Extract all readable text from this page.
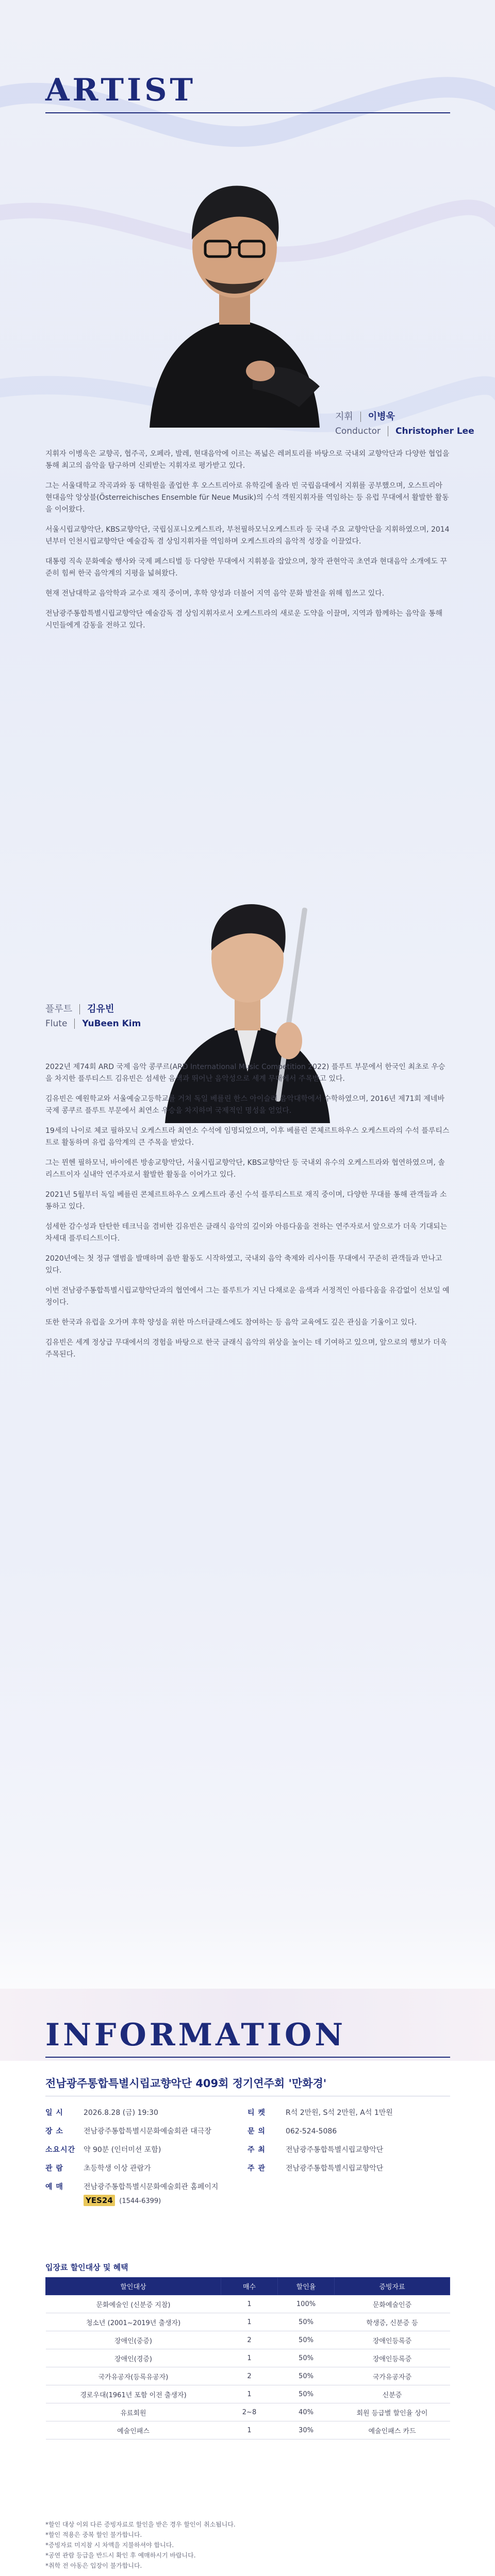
ARTIST
지휘 이병욱
Conductor Christopher Lee

지휘자 이병욱은 교향곡, 협주곡, 오페라, 발레, 현대음악에 이르는 폭넓은 레퍼토리를 바탕으로 국내외 교향악단과 다양한 협업을 통해 최고의 음악을 탐구하며 신뢰받는 지휘자로 평가받고 있다.

그는 서울대학교 작곡과와 동 대학원을 졸업한 후 오스트리아로 유학길에 올라 빈 국립음대에서 지휘를 공부했으며, 오스트리아 현대음악 앙상블(Österreichisches Ensemble für Neue Musik)의 수석 객원지휘자를 역임하는 등 유럽 무대에서 활발한 활동을 이어왔다.

서울시립교향악단, KBS교향악단, 국립심포니오케스트라, 부천필하모닉오케스트라 등 국내 주요 교향악단을 지휘하였으며, 2014년부터 인천시립교향악단 예술감독 겸 상임지휘자를 역임하며 오케스트라의 음악적 성장을 이끌었다.

대통령 직속 문화예술 행사와 국제 페스티벌 등 다양한 무대에서 지휘봉을 잡았으며, 창작 관현악곡 초연과 현대음악 소개에도 꾸준히 힘써 한국 음악계의 지평을 넓혀왔다.

현재 전남대학교 음악학과 교수로 재직 중이며, 후학 양성과 더불어 지역 음악 문화 발전을 위해 힘쓰고 있다.

전남광주통합특별시립교향악단 예술감독 겸 상임지휘자로서 오케스트라의 새로운 도약을 이끌며, 지역과 함께하는 음악을 통해 시민들에게 감동을 전하고 있다.

플루트 김유빈
Flute YuBeen Kim

2022년 제74회 ARD 국제 음악 콩쿠르(ARD International Music Competition 2022) 플루트 부문에서 한국인 최초로 우승을 차지한 플루티스트 김유빈은 섬세한 음색과 뛰어난 음악성으로 세계 무대에서 주목받고 있다.

김유빈은 예원학교와 서울예술고등학교를 거쳐 독일 베를린 한스 아이슬러 음악대학에서 수학하였으며, 2016년 제71회 제네바 국제 콩쿠르 플루트 부문에서 최연소 우승을 차지하며 국제적인 명성을 얻었다.

19세의 나이로 체코 필하모닉 오케스트라 최연소 수석에 임명되었으며, 이후 베를린 콘체르트하우스 오케스트라의 수석 플루티스트로 활동하며 유럽 음악계의 큰 주목을 받았다.

그는 뮌헨 필하모닉, 바이에른 방송교향악단, 서울시립교향악단, KBS교향악단 등 국내외 유수의 오케스트라와 협연하였으며, 솔리스트이자 실내악 연주자로서 활발한 활동을 이어가고 있다.

2021년 5월부터 독일 베를린 콘체르트하우스 오케스트라 종신 수석 플루티스트로 재직 중이며, 다양한 무대를 통해 관객들과 소통하고 있다.

섬세한 감수성과 탄탄한 테크닉을 겸비한 김유빈은 클래식 음악의 깊이와 아름다움을 전하는 연주자로서 앞으로가 더욱 기대되는 차세대 플루티스트이다.

2020년에는 첫 정규 앨범을 발매하며 음반 활동도 시작하였고, 국내외 음악 축제와 리사이틀 무대에서 꾸준히 관객들과 만나고 있다.

이번 전남광주통합특별시립교향악단과의 협연에서 그는 플루트가 지닌 다채로운 음색과 서정적인 아름다움을 유감없이 선보일 예정이다.

또한 한국과 유럽을 오가며 후학 양성을 위한 마스터클래스에도 참여하는 등 음악 교육에도 깊은 관심을 기울이고 있다.

김유빈은 세계 정상급 무대에서의 경험을 바탕으로 한국 클래식 음악의 위상을 높이는 데 기여하고 있으며, 앞으로의 행보가 더욱 주목된다.

INFORMATION
전남광주통합특별시립교향악단 409회 정기연주회 '만화경'
일 시	2026.8.28 (금) 19:30	티 켓	R석 2만원, S석 2만원, A석 1만원
장 소	전남광주통합특별시문화예술회관 대극장	문 의	062-524-5086
소요시간	약 90분 (인터미션 포함)	주 최	전남광주통합특별시립교향악단
관 람	초등학생 이상 관람가	주 관	전남광주통합특별시립교향악단
예 매	전남광주통합특별시문화예술회관 홈페이지
YES24 (1544-6399)
입장료 할인대상 및 혜택
할인대상	매수	할인율	증빙자료
문화예술인 (신분증 지참)	1	100%	문화예술인증
청소년 (2001~2019년 출생자)	1	50%	학생증, 신분증 등
장애인(중증)	2	50%	장애인등록증
장애인(경증)	1	50%	장애인등록증
국가유공자(등록유공자)	2	50%	국가유공자증
경로우대(1961년 포함 이전 출생자)	1	50%	신분증
유료회원	2~8	40%	회원 등급별 할인율 상이
예술인패스	1	30%	예술인패스 카드
*할인 대상 이외 다른 증빙자료로 할인을 받은 경우 할인이 취소됩니다.
*할인 적용은 중복 할인 불가합니다.
*증빙자료 미지참 시 차액을 지불하셔야 합니다.
*공연 관람 등급을 반드시 확인 후 예매하시기 바랍니다.
*취학 전 아동은 입장이 불가합니다.
